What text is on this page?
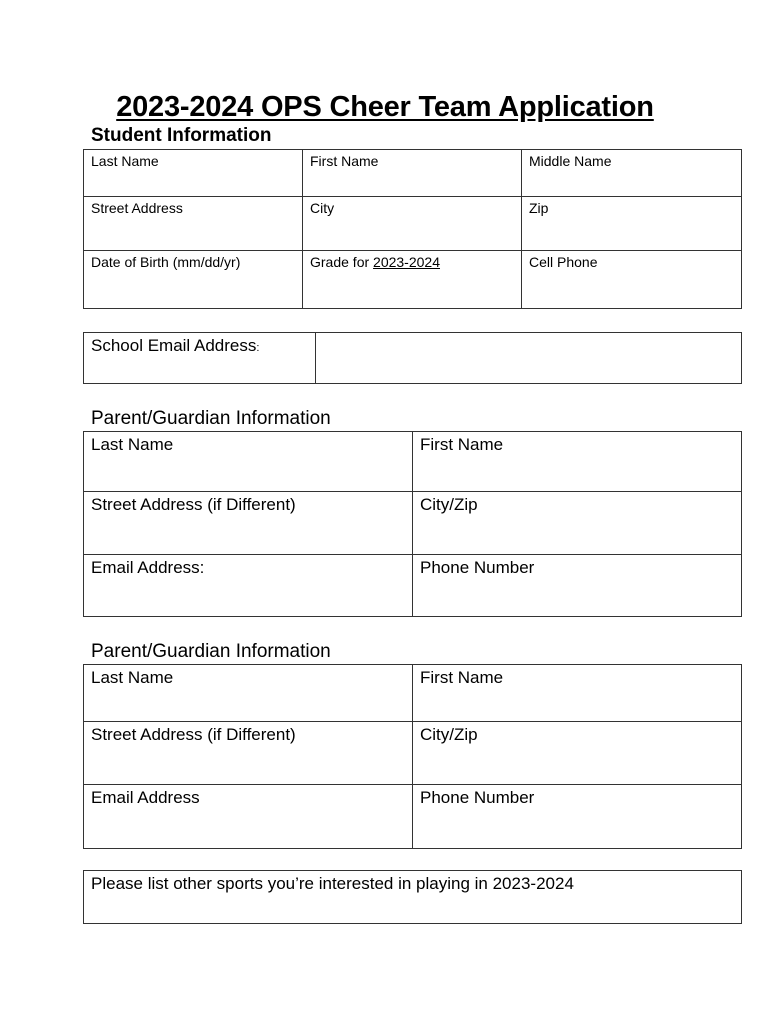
2023-2024 OPS Cheer Team Application
Student Information
Last Name	First Name	Middle Name
Street Address	City	Zip
Date of Birth (mm/dd/yr)	Grade for 2023-2024	Cell Phone
School Email Address:	
Parent/Guardian Information
Last Name	First Name
Street Address (if Different)	City/Zip
Email Address:	Phone Number
Parent/Guardian Information
Last Name	First Name
Street Address (if Different)	City/Zip
Email Address	Phone Number
Please list other sports you’re interested in playing in 2023-2024
